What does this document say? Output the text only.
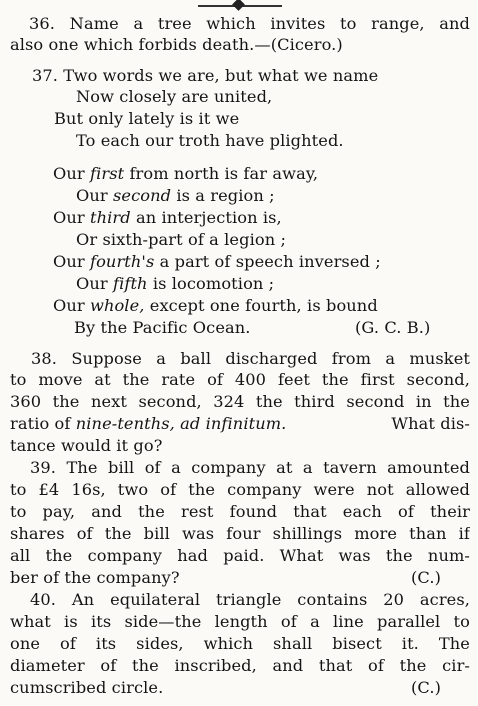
36. Name a tree which invites to range, and
also one which forbids death.—(Cicero.)
37. Two words we are, but what we name
Now closely are united,
But only lately is it we
To each our troth have plighted.
Our first from north is far away,
Our second is a region ;
Our third an interjection is,
Or sixth-part of a legion ;
Our fourth's a part of speech inversed ;
Our fifth is locomotion ;
Our whole, except one fourth, is bound
By the Pacific Ocean.	(G. C. B.)
38. Suppose a ball discharged from a musket
to move at the rate of 400 feet the first second,
360 the next second, 324 the third second in the
ratio of nine-tenths, ad infinitum.	What dis-
tance would it go?
39. The bill of a company at a tavern amounted
to £4 16s, two of the company were not allowed
to pay, and the rest found that each of their
shares of the bill was four shillings more than if
all the company had paid. What was the num-
ber of the company?	(C.)
40. An equilateral triangle contains 20 acres,
what is its side—the length of a line parallel to
one of its sides, which shall bisect it. The
diameter of the inscribed, and that of the cir-
cumscribed circle.	(C.)
